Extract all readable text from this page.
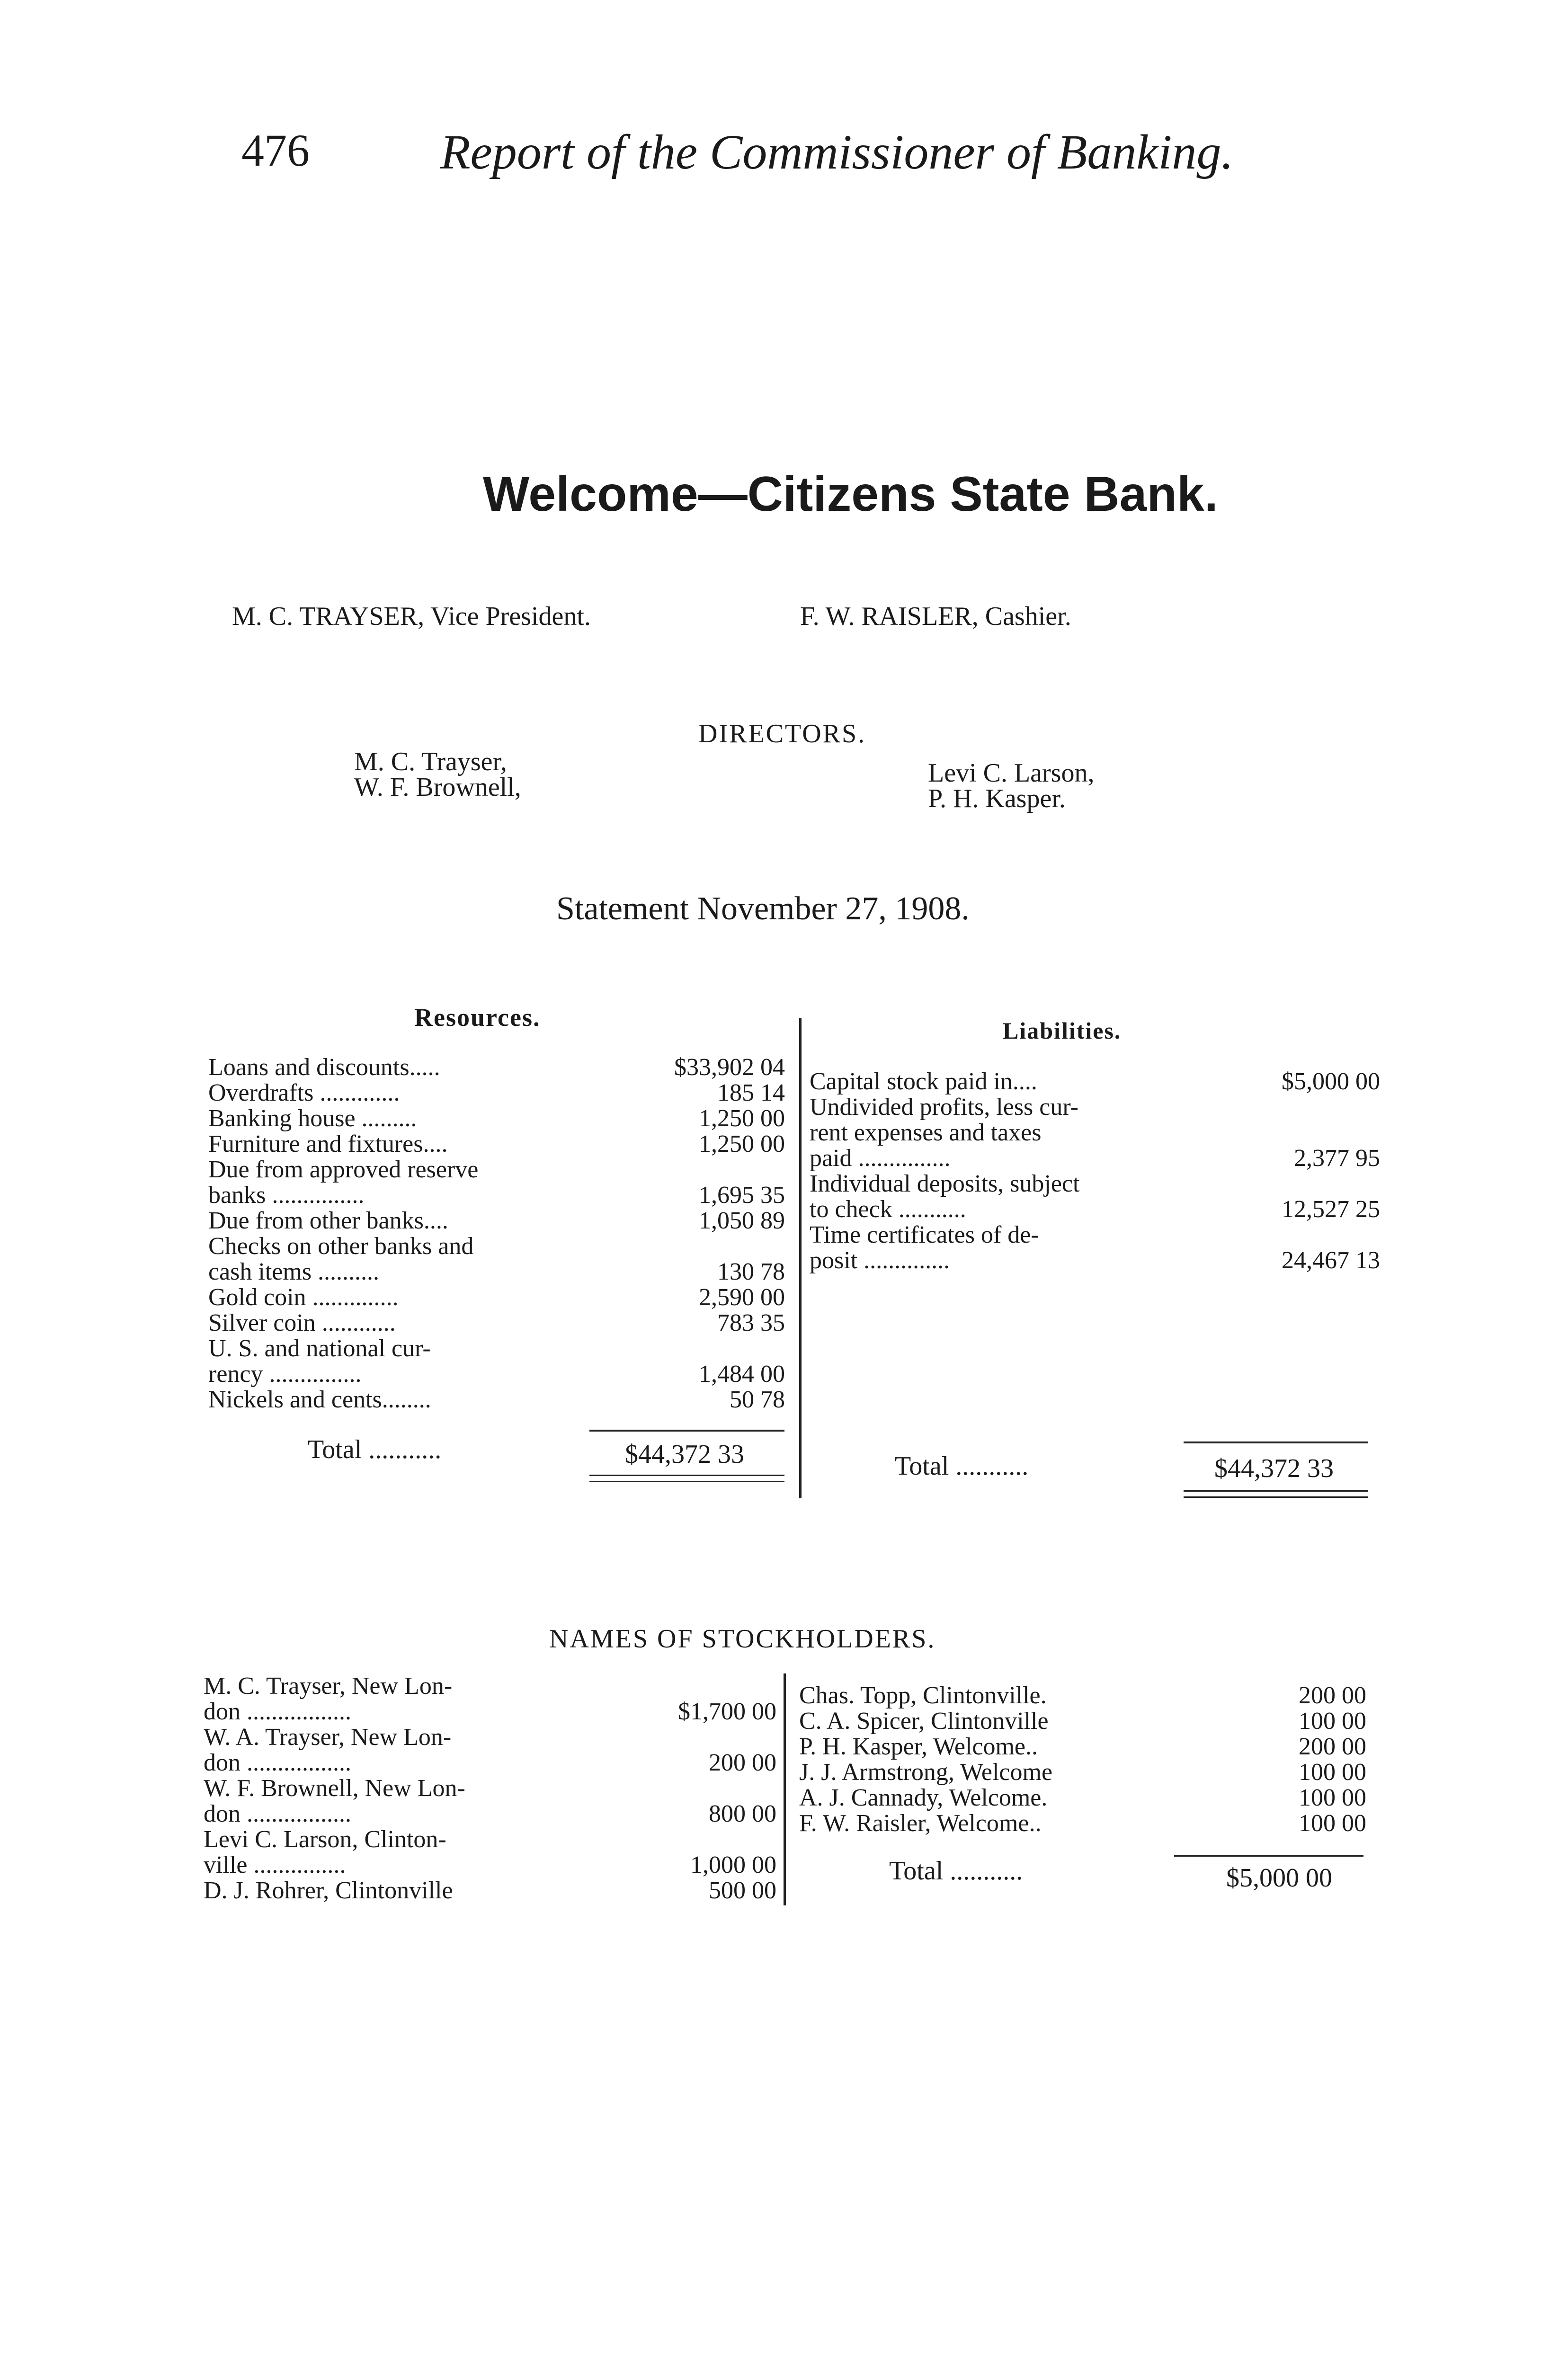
476	Report of the Commissioner of Banking.
Welcome—Citizens State Bank.
M. C. TRAYSER, Vice President.	F. W. RAISLER, Cashier.
DIRECTORS.
M. C. Trayser,
W. F. Brownell,	Levi C. Larson,
P. H. Kasper.
Statement November 27, 1908.
Resources.	Liabilities.
Loans and discounts.....	$33,902 04
Overdrafts .............	185 14
Banking house .........	1,250 00
Furniture and fixtures....	1,250 00
Due from approved reserve
banks ...............	1,695 35
Due from other banks....	1,050 89
Checks on other banks and
cash items ..........	130 78
Gold coin ..............	2,590 00
Silver coin ............	783 35
U. S. and national cur-
rency ...............	1,484 00
Nickels and cents........	50 78
Total ...........	$44,372 33
Capital stock paid in....	$5,000 00
Undivided profits, less cur-
rent expenses and taxes
paid ...............	2,377 95
Individual deposits, subject
to check ...........	12,527 25
Time certificates of de-
posit ..............	24,467 13
Total ...........	$44,372 33
NAMES OF STOCKHOLDERS.
M. C. Trayser, New Lon-
don .................	$1,700 00
W. A. Trayser, New Lon-
don .................	200 00
W. F. Brownell, New Lon-
don .................	800 00
Levi C. Larson, Clinton-
ville ...............	1,000 00
D. J. Rohrer, Clintonville	500 00
Chas. Topp, Clintonville.	200 00
C. A. Spicer, Clintonville	100 00
P. H. Kasper, Welcome..	200 00
J. J. Armstrong, Welcome	100 00
A. J. Cannady, Welcome.	100 00
F. W. Raisler, Welcome..	100 00
Total ...........	$5,000 00
